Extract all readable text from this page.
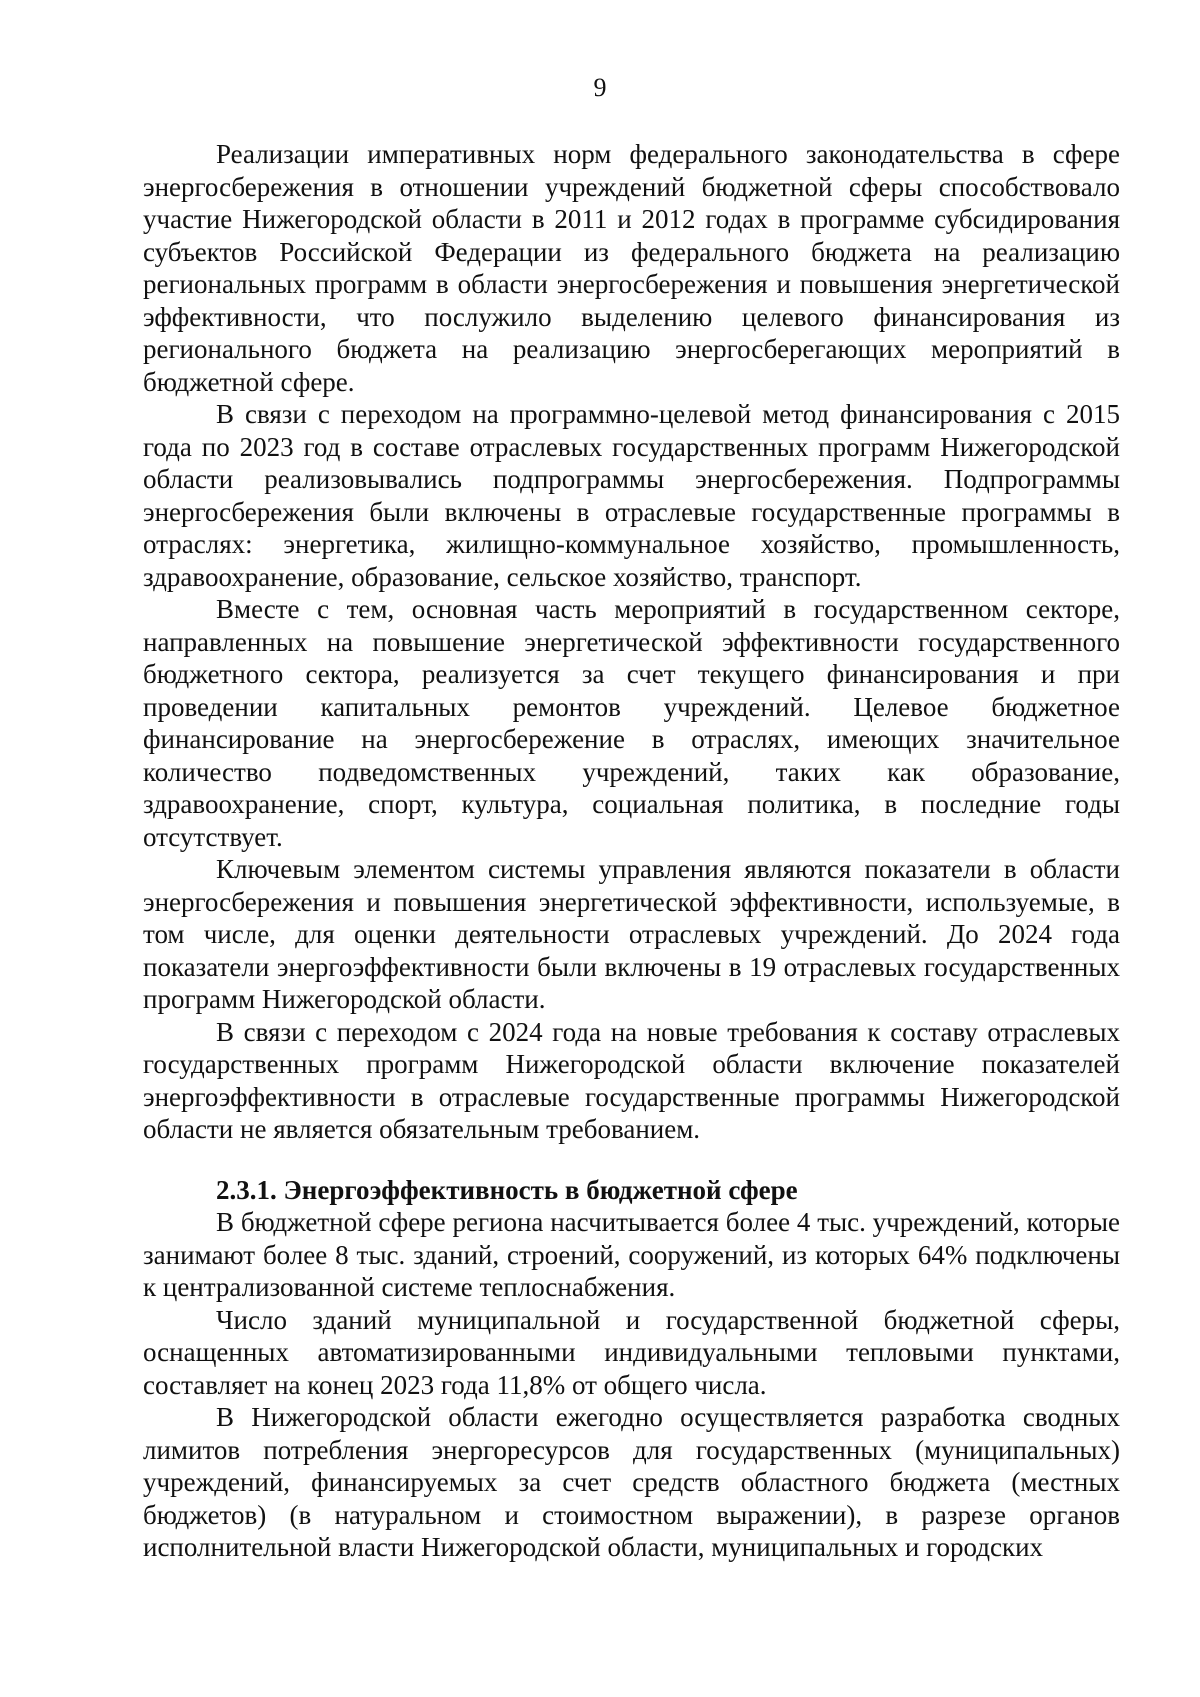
9

Реализации императивных норм федерального законодательства в сфере энергосбережения в отношении учреждений бюджетной сферы способствовало участие Нижегородской области в 2011 и 2012 годах в программе субсидирования субъектов Российской Федерации из федерального бюджета на реализацию региональных программ в области энергосбережения и повышения энергетической эффективности, что послужило выделению целевого финансирования из регионального бюджета на реализацию энергосберегающих мероприятий в бюджетной сфере.

В связи с переходом на программно-целевой метод финансирования с 2015 года по 2023 год в составе отраслевых государственных программ Нижегородской области реализовывались подпрограммы энергосбережения. Подпрограммы энергосбережения были включены в отраслевые государственные программы в отраслях: энергетика, жилищно-коммунальное хозяйство, промышленность, здравоохранение, образование, сельское хозяйство, транспорт.

Вместе с тем, основная часть мероприятий в государственном секторе, направленных на повышение энергетической эффективности государственного бюджетного сектора, реализуется за счет текущего финансирования и при проведении капитальных ремонтов учреждений. Целевое бюджетное финансирование на энергосбережение в отраслях, имеющих значительное количество подведомственных учреждений, таких как образование, здравоохранение, спорт, культура, социальная политика, в последние годы отсутствует.

Ключевым элементом системы управления являются показатели в области энергосбережения и повышения энергетической эффективности, используемые, в том числе, для оценки деятельности отраслевых учреждений. До 2024 года показатели энергоэффективности были включены в 19 отраслевых государственных программ Нижегородской области.

В связи с переходом с 2024 года на новые требования к составу отраслевых государственных программ Нижегородской области включение показателей энергоэффективности в отраслевые государственные программы Нижегородской области не является обязательным требованием.

2.3.1. Энергоэффективность в бюджетной сфере

В бюджетной сфере региона насчитывается более 4 тыс. учреждений, которые занимают более 8 тыс. зданий, строений, сооружений, из которых 64% подключены к централизованной системе теплоснабжения.

Число зданий муниципальной и государственной бюджетной сферы, оснащенных автоматизированными индивидуальными тепловыми пунктами, составляет на конец 2023 года 11,8% от общего числа.

В Нижегородской области ежегодно осуществляется разработка сводных лимитов потребления энергоресурсов для государственных (муниципальных) учреждений, финансируемых за счет средств областного бюджета (местных бюджетов) (в натуральном и стоимостном выражении), в разрезе органов исполнительной власти Нижегородской области, муниципальных и городских
